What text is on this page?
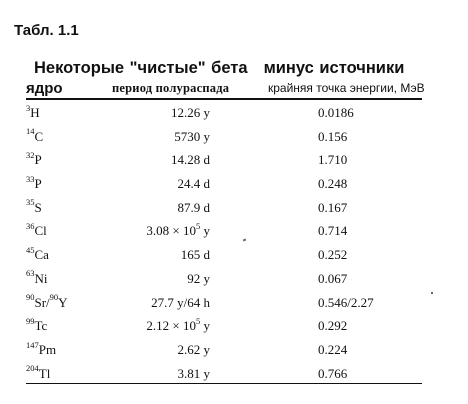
Табл. 1.1
Некоторые "чистые" бета минус источники
ядро	период полураспада	крайняя точка энергии, МэВ
$^3$H	12.26 y	0.0186
$^{14}$C	5730 y	0.156
$^{32}$P	14.28 d	1.710
$^{33}$P	24.4 d	0.248
$^{35}$S	87.9 d	0.167
$^{36}$Cl	$3.08 \times 10^5$ y	0.714
$^{45}$Ca	165 d	0.252
$^{63}$Ni	92 y	0.067
$^{90}$Sr/$^{90}$Y	27.7 y/64 h	0.546/2.27
$^{99}$Tc	$2.12 \times 10^5$ y	0.292
$^{147}$Pm	2.62 y	0.224
$^{204}$Tl	3.81 y	0.766
